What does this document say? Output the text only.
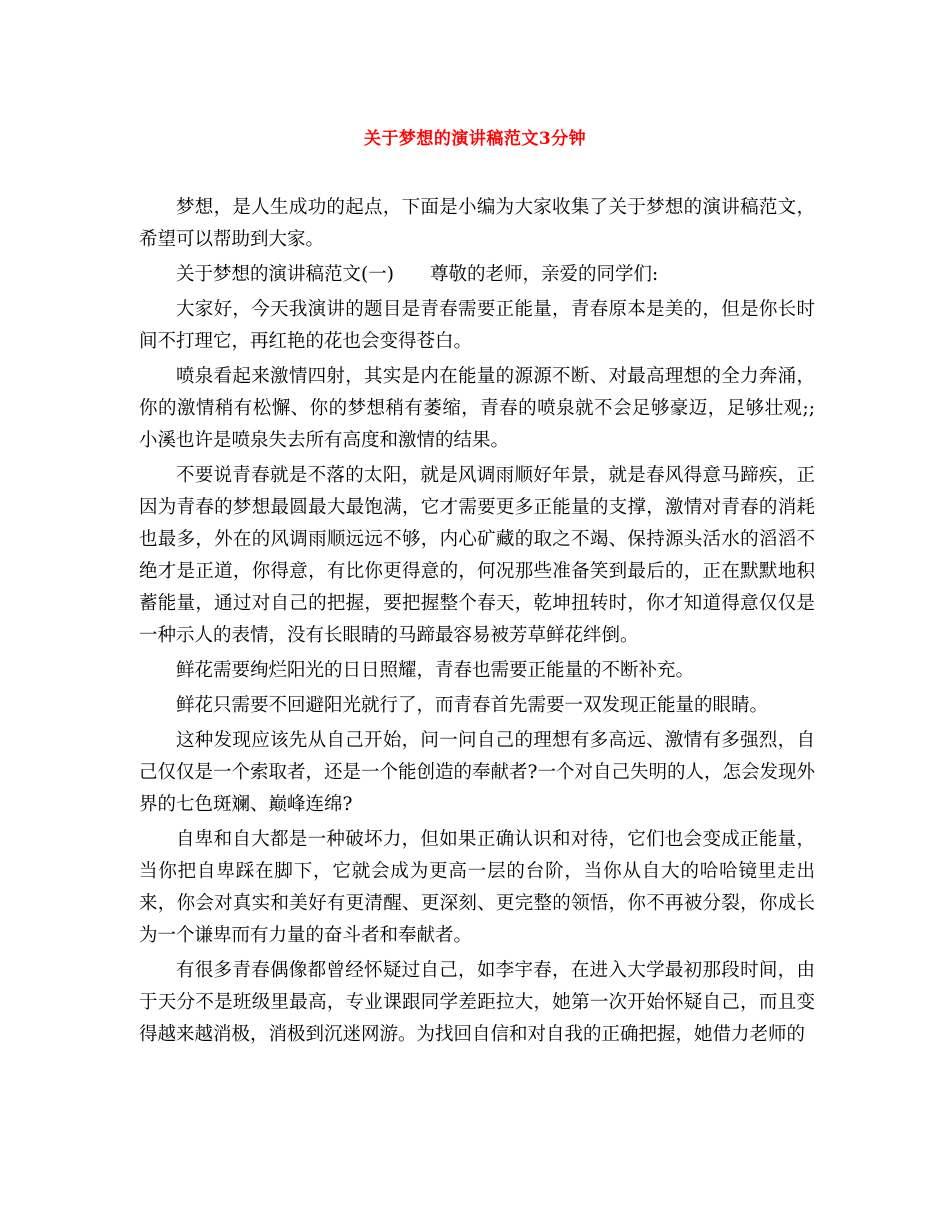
关于梦想的演讲稿范文3分钟

梦想，是人生成功的起点，下面是小编为大家收集了关于梦想的演讲稿范文，希望可以帮助到大家。

关于梦想的演讲稿范文(一) 尊敬的老师，亲爱的同学们:

大家好，今天我演讲的题目是青春需要正能量，青春原本是美的，但是你长时间不打理它，再红艳的花也会变得苍白。

喷泉看起来激情四射，其实是内在能量的源源不断、对最高理想的全力奔涌，你的激情稍有松懈、你的梦想稍有萎缩，青春的喷泉就不会足够豪迈，足够壮观;;小溪也许是喷泉失去所有高度和激情的结果。

不要说青春就是不落的太阳，就是风调雨顺好年景，就是春风得意马蹄疾，正因为青春的梦想最圆最大最饱满，它才需要更多正能量的支撑，激情对青春的消耗也最多，外在的风调雨顺远远不够，内心矿藏的取之不竭、保持源头活水的滔滔不绝才是正道，你得意，有比你更得意的，何况那些准备笑到最后的，正在默默地积蓄能量，通过对自己的把握，要把握整个春天，乾坤扭转时，你才知道得意仅仅是一种示人的表情，没有长眼睛的马蹄最容易被芳草鲜花绊倒。

鲜花需要绚烂阳光的日日照耀，青春也需要正能量的不断补充。

鲜花只需要不回避阳光就行了，而青春首先需要一双发现正能量的眼睛。

这种发现应该先从自己开始，问一问自己的理想有多高远、激情有多强烈，自己仅仅是一个索取者，还是一个能创造的奉献者?一个对自己失明的人，怎会发现外界的七色斑斓、巅峰连绵?

自卑和自大都是一种破坏力，但如果正确认识和对待，它们也会变成正能量，当你把自卑踩在脚下，它就会成为更高一层的台阶，当你从自大的哈哈镜里走出来，你会对真实和美好有更清醒、更深刻、更完整的领悟，你不再被分裂，你成长为一个谦卑而有力量的奋斗者和奉献者。

有很多青春偶像都曾经怀疑过自己，如李宇春，在进入大学最初那段时间，由于天分不是班级里最高，专业课跟同学差距拉大，她第一次开始怀疑自己，而且变得越来越消极，消极到沉迷网游。为找回自信和对自我的正确把握，她借力老师的
